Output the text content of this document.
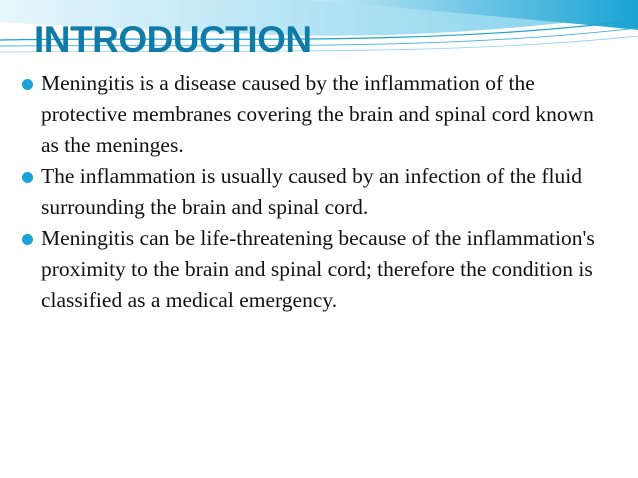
INTRODUCTION
Meningitis is a disease caused by the inflammation of the protective membranes covering the brain and spinal cord known as the meninges.
The inflammation is usually caused by an infection of the fluid surrounding the brain and spinal cord.
Meningitis can be life-threatening because of the inflammation's proximity to the brain and spinal cord; therefore the condition is classified as a medical emergency.
